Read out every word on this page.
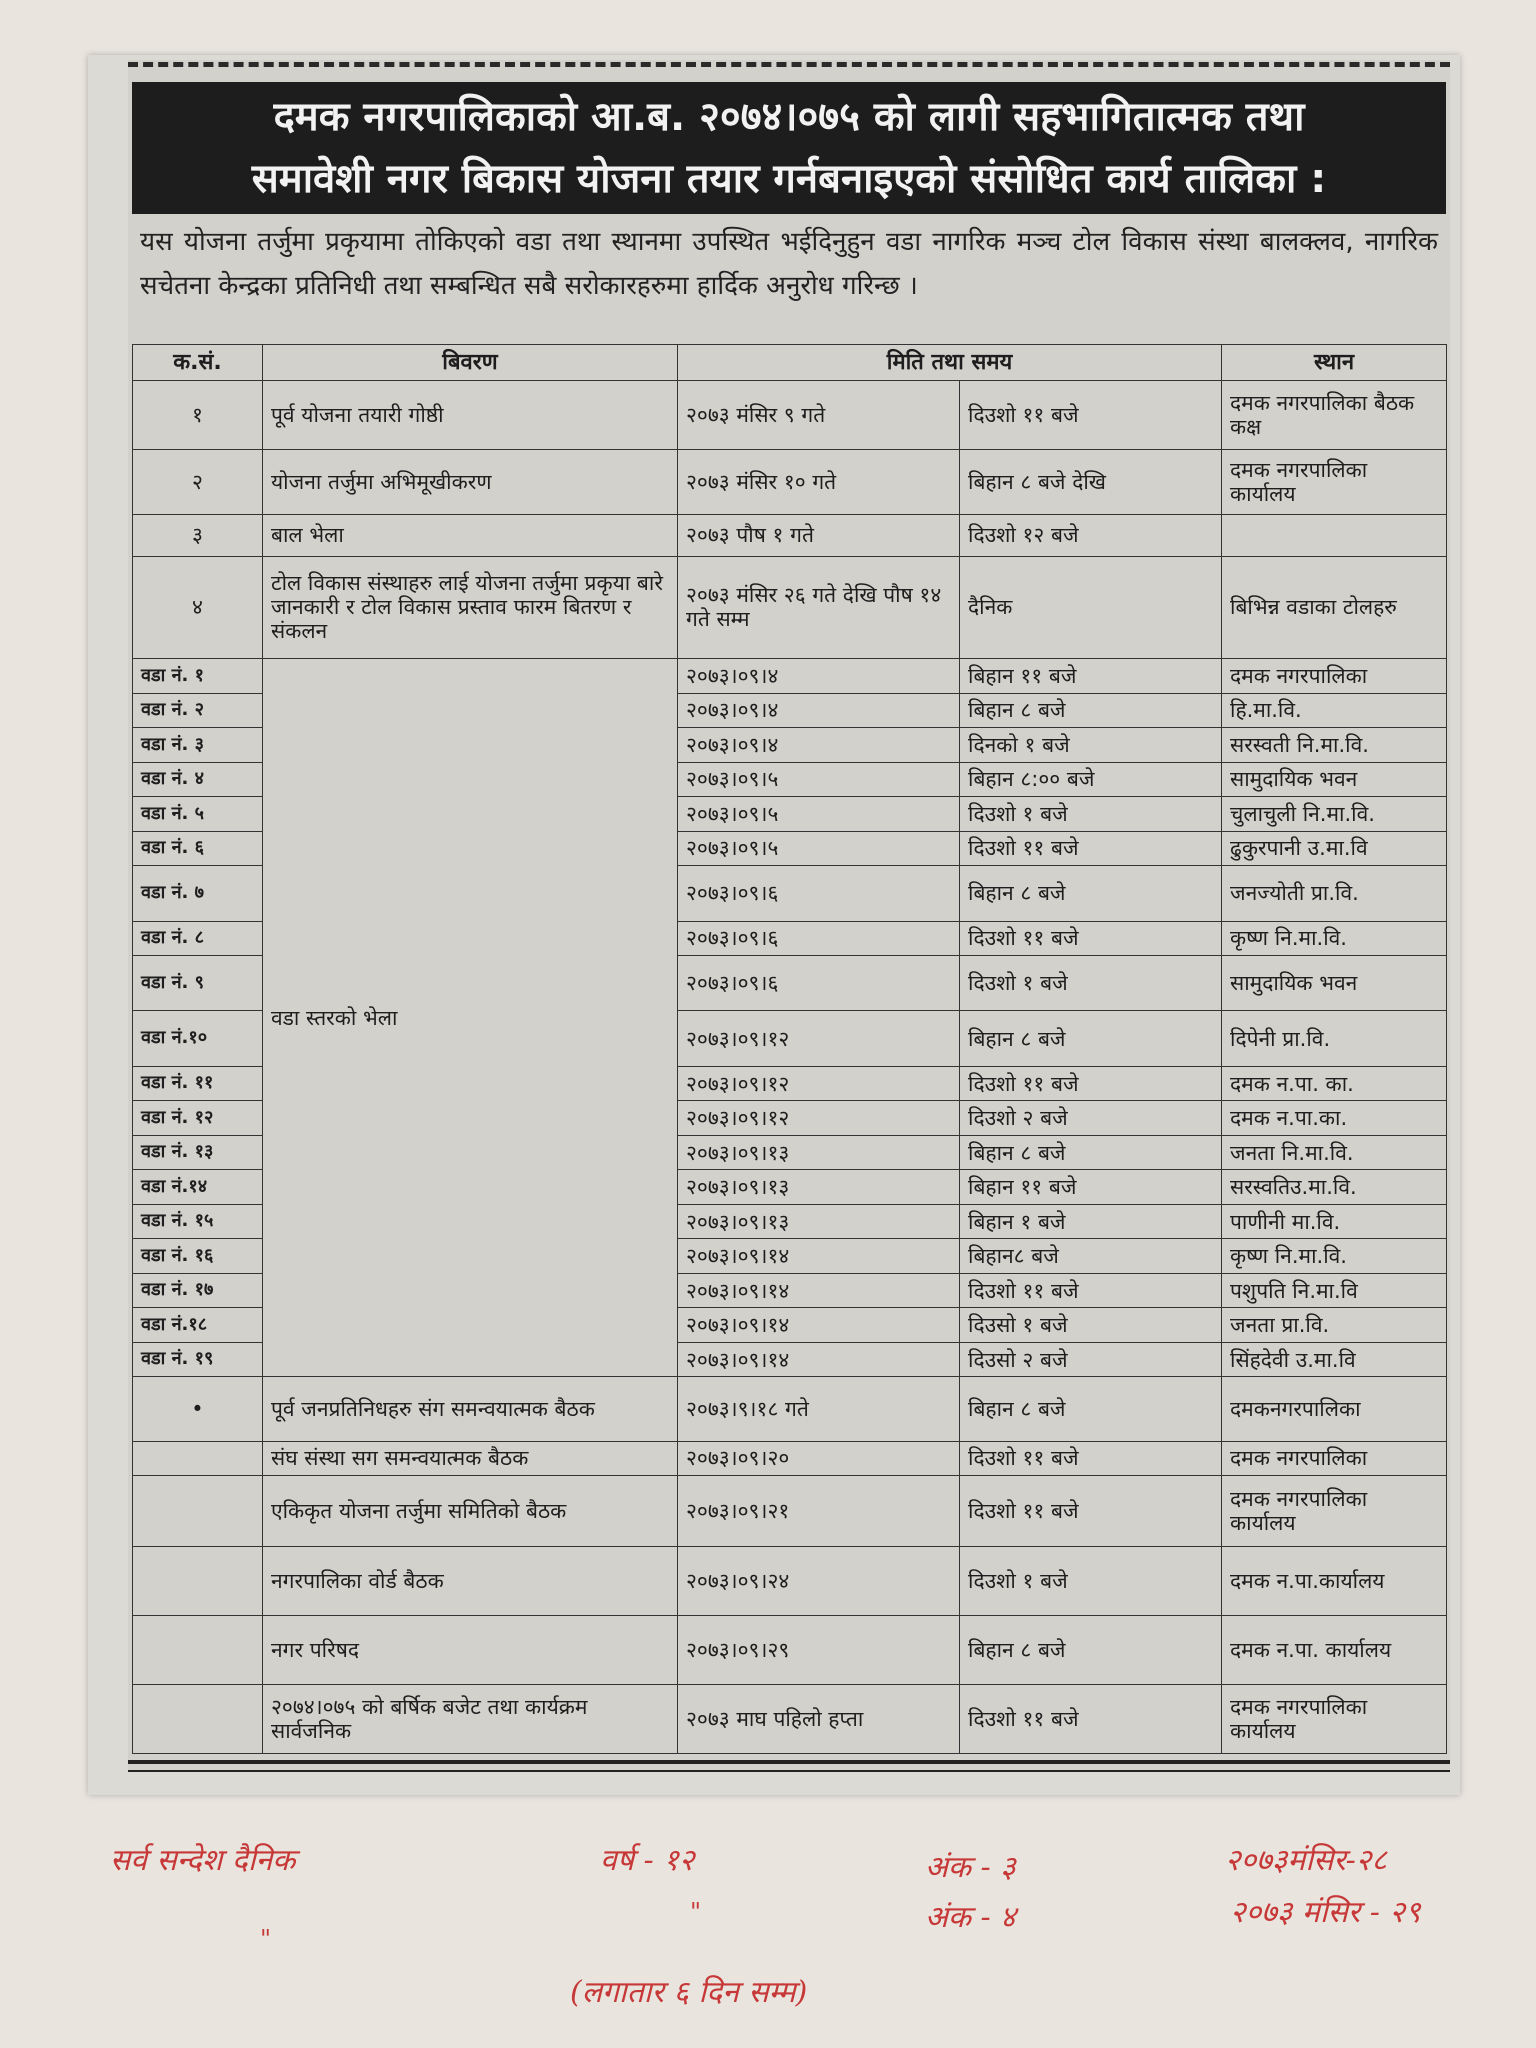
दमक नगरपालिकाको आ.ब. २०७४।०७५ को लागी सहभागितात्मक तथा
समावेशी नगर बिकास योजना तयार गर्नबनाइएको संसोधित कार्य तालिका :
यस योजना तर्जुमा प्रकृयामा तोकिएको वडा तथा स्थानमा उपस्थित भईदिनुहुन वडा नागरिक मञ्च टोल विकास संस्था बालक्लव, नागरिक सचेतना केन्द्रका प्रतिनिधी तथा सम्बन्धित सबै सरोकारहरुमा हार्दिक अनुरोध गरिन्छ ।
क.सं.	बिवरण	मिति तथा समय		स्थान
१	पूर्व योजना तयारी गोष्ठी	२०७३ मंसिर ९ गते	दिउशो ११ बजे	दमक नगरपालिका बैठक कक्ष
२	योजना तर्जुमा अभिमूखीकरण	२०७३ मंसिर १० गते	बिहान ८ बजे देखि	दमक नगरपालिका कार्यालय
३	बाल भेला	२०७३ पौष १ गते	दिउशो १२ बजे	
४	टोल विकास संस्थाहरु लाई योजना तर्जुमा प्रकृया बारे जानकारी र टोल विकास प्रस्ताव फारम बितरण र संकलन	२०७३ मंसिर २६ गते देखि पौष १४ गते सम्म	दैनिक	बिभिन्न वडाका टोलहरु
वडा नं. १	वडा स्तरको भेला	२०७३।०९।४	बिहान ११ बजे	दमक नगरपालिका
वडा नं. २		२०७३।०९।४	बिहान ८ बजे	हि.मा.वि.
वडा नं. ३		२०७३।०९।४	दिनको १ बजे	सरस्वती नि.मा.वि.
वडा नं. ४		२०७३।०९।५	बिहान ८:०० बजे	सामुदायिक भवन
वडा नं. ५		२०७३।०९।५	दिउशो १ बजे	चुलाचुली नि.मा.वि.
वडा नं. ६		२०७३।०९।५	दिउशो ११ बजे	ढुकुरपानी उ.मा.वि
वडा नं. ७		२०७३।०९।६	बिहान ८ बजे	जनज्योती प्रा.वि.
वडा नं. ८		२०७३।०९।६	दिउशो ११ बजे	कृष्ण नि.मा.वि.
वडा नं. ९		२०७३।०९।६	दिउशो १ बजे	सामुदायिक भवन
वडा नं.१०		२०७३।०९।१२	बिहान ८ बजे	दिपेनी प्रा.वि.
वडा नं. ११		२०७३।०९।१२	दिउशो ११ बजे	दमक न.पा. का.
वडा नं. १२		२०७३।०९।१२	दिउशो २ बजे	दमक न.पा.का.
वडा नं. १३		२०७३।०९।१३	बिहान ८ बजे	जनता नि.मा.वि.
वडा नं.१४		२०७३।०९।१३	बिहान ११ बजे	सरस्वतिउ.मा.वि.
वडा नं. १५		२०७३।०९।१३	बिहान १ बजे	पाणीनी मा.वि.
वडा नं. १६		२०७३।०९।१४	बिहान८ बजे	कृष्ण नि.मा.वि.
वडा नं. १७		२०७३।०९।१४	दिउशो ११ बजे	पशुपति नि.मा.वि
वडा नं.१८		२०७३।०९।१४	दिउसो १ बजे	जनता प्रा.वि.
वडा नं. १९		२०७३।०९।१४	दिउसो २ बजे	सिंहदेवी उ.मा.वि
•	पूर्व जनप्रतिनिधहरु संग समन्वयात्मक बैठक	२०७३।९।१८ गते	बिहान ८ बजे	दमकनगरपालिका
	संघ संस्था सग समन्वयात्मक बैठक	२०७३।०९।२०	दिउशो ११ बजे	दमक नगरपालिका
	एकिकृत योजना तर्जुमा समितिको बैठक	२०७३।०९।२१	दिउशो ११ बजे	दमक नगरपालिका कार्यालय
	नगरपालिका वोर्ड बैठक	२०७३।०९।२४	दिउशो १ बजे	दमक न.पा.कार्यालय
	नगर परिषद	२०७३।०९।२९	बिहान ८ बजे	दमक न.पा. कार्यालय
	२०७४।०७५ को बर्षिक बजेट तथा कार्यक्रम सार्वजनिक	२०७३ माघ पहिलो हप्ता	दिउशो ११ बजे	दमक नगरपालिका कार्यालय
सर्व सन्देश दैनिक	वर्ष - १२	अंक - ३	२०७३मंसिर-२८
"
"	अंक - ४	२०७३ मंसिर - २९
(लगातार ६ दिन सम्म)
